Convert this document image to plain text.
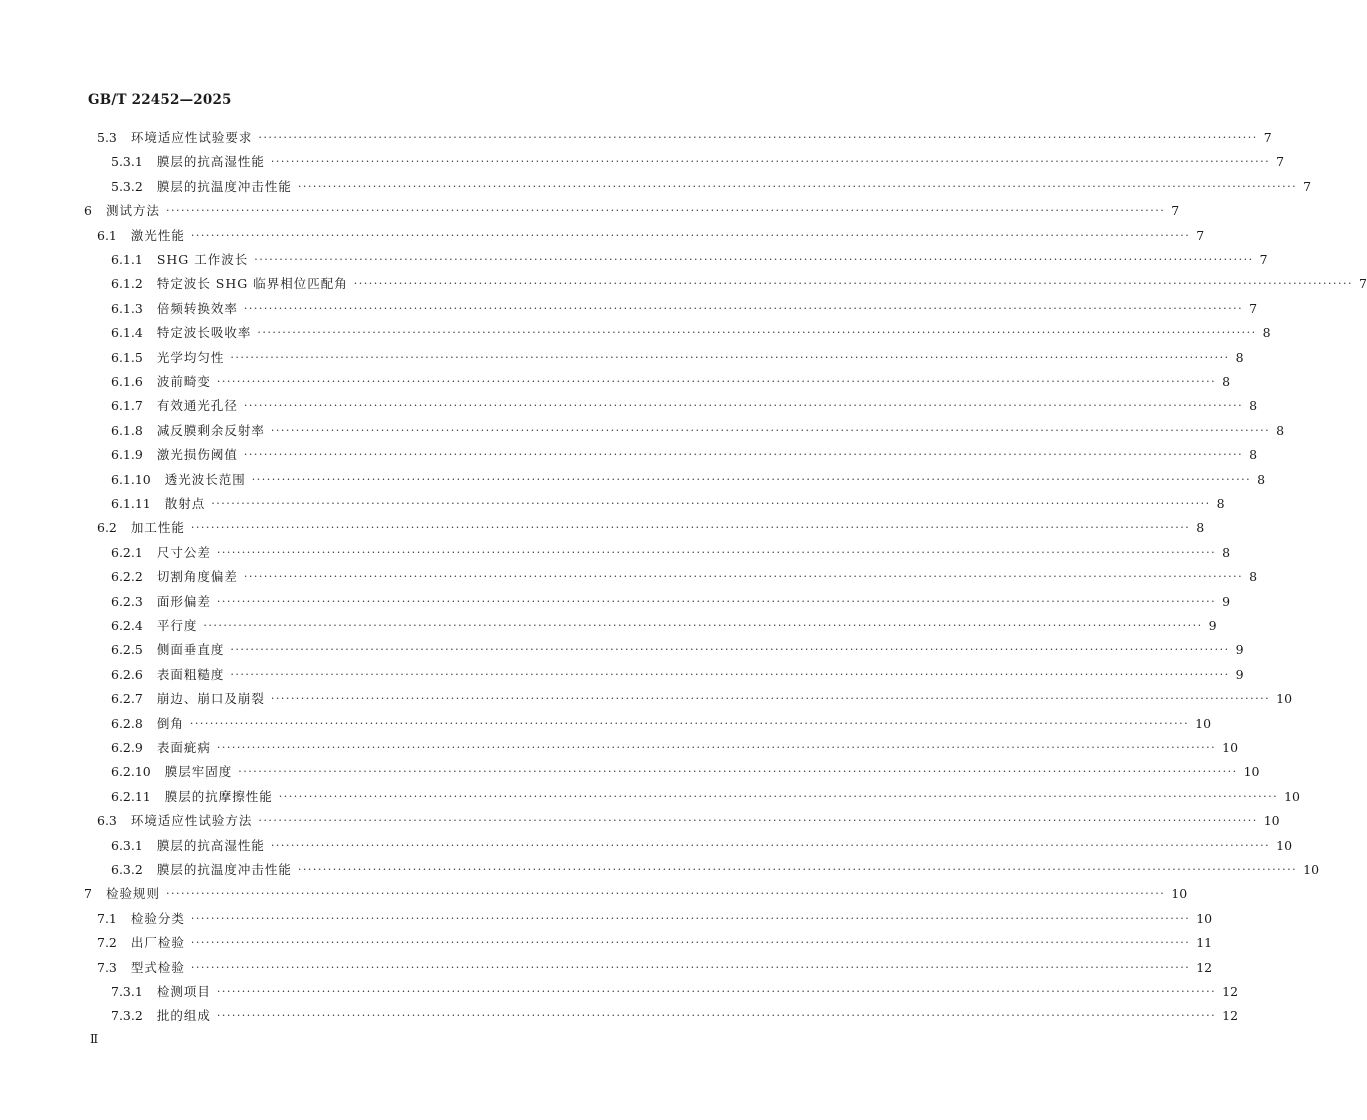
GB/T 22452—2025
5.3	环境适应性试验要求 ········································································································································································································ 7
5.3.1	膜层的抗高湿性能 ········································································································································································································ 7
5.3.2	膜层的抗温度冲击性能 ········································································································································································································ 7
6	测试方法 ········································································································································································································ 7
6.1	激光性能 ········································································································································································································ 7
6.1.1	SHG 工作波长 ········································································································································································································ 7
6.1.2	特定波长 SHG 临界相位匹配角 ········································································································································································································ 7
6.1.3	倍频转换效率 ········································································································································································································ 7
6.1.4	特定波长吸收率 ········································································································································································································ 8
6.1.5	光学均匀性 ········································································································································································································ 8
6.1.6	波前畸变 ········································································································································································································ 8
6.1.7	有效通光孔径 ········································································································································································································ 8
6.1.8	减反膜剩余反射率 ········································································································································································································ 8
6.1.9	激光损伤阈值 ········································································································································································································ 8
6.1.10	透光波长范围 ········································································································································································································ 8
6.1.11	散射点 ········································································································································································································ 8
6.2	加工性能 ········································································································································································································ 8
6.2.1	尺寸公差 ········································································································································································································ 8
6.2.2	切割角度偏差 ········································································································································································································ 8
6.2.3	面形偏差 ········································································································································································································ 9
6.2.4	平行度 ········································································································································································································ 9
6.2.5	侧面垂直度 ········································································································································································································ 9
6.2.6	表面粗糙度 ········································································································································································································ 9
6.2.7	崩边、崩口及崩裂 ········································································································································································································ 10
6.2.8	倒角 ········································································································································································································ 10
6.2.9	表面疵病 ········································································································································································································ 10
6.2.10	膜层牢固度 ········································································································································································································ 10
6.2.11	膜层的抗摩擦性能 ········································································································································································································ 10
6.3	环境适应性试验方法 ········································································································································································································ 10
6.3.1	膜层的抗高湿性能 ········································································································································································································ 10
6.3.2	膜层的抗温度冲击性能 ········································································································································································································ 10
7	检验规则 ········································································································································································································ 10
7.1	检验分类 ········································································································································································································ 10
7.2	出厂检验 ········································································································································································································ 11
7.3	型式检验 ········································································································································································································ 12
7.3.1	检测项目 ········································································································································································································ 12
7.3.2	批的组成 ········································································································································································································ 12
Ⅱ
